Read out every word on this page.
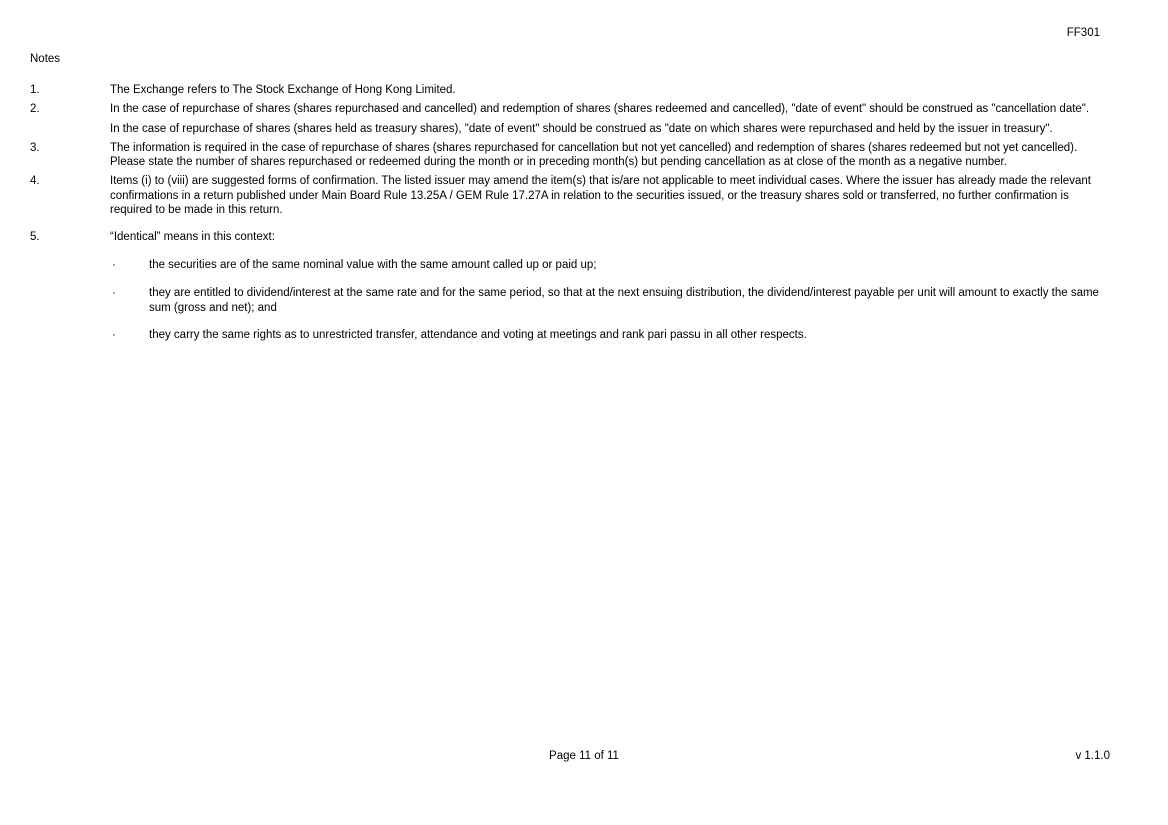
FF301
Notes
1.	The Exchange refers to The Stock Exchange of Hong Kong Limited.

2.	In the case of repurchase of shares (shares repurchased and cancelled) and redemption of shares (shares redeemed and cancelled), "date of event" should be construed as "cancellation date".

In the case of repurchase of shares (shares held as treasury shares), "date of event" should be construed as "date on which shares were repurchased and held by the issuer in treasury".

3.	The information is required in the case of repurchase of shares (shares repurchased for cancellation but not yet cancelled) and redemption of shares (shares redeemed but not yet cancelled). Please state the number of shares repurchased or redeemed during the month or in preceding month(s) but pending cancellation as at close of the month as a negative number.

4.	Items (i) to (viii) are suggested forms of confirmation. The listed issuer may amend the item(s) that is/are not applicable to meet individual cases. Where the issuer has already made the relevant confirmations in a return published under Main Board Rule 13.25A / GEM Rule 17.27A in relation to the securities issued, or the treasury shares sold or transferred, no further confirmation is required to be made in this return.

5.	“Identical” means in this context:

·	the securities are of the same nominal value with the same amount called up or paid up;
·	they are entitled to dividend/interest at the same rate and for the same period, so that at the next ensuing distribution, the dividend/interest payable per unit will amount to exactly the same sum (gross and net); and
·	they carry the same rights as to unrestricted transfer, attendance and voting at meetings and rank pari passu in all other respects.
Page 11 of 11	v 1.1.0
